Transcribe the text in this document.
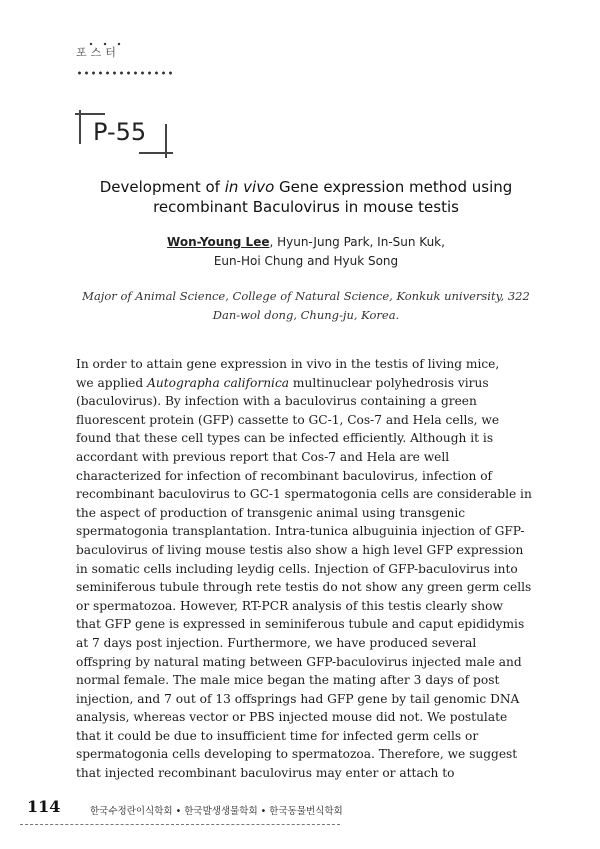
포스터
P-55
Development of in vivo Gene expression method using
recombinant Baculovirus in mouse testis
Won-Young Lee, Hyun-Jung Park, In-Sun Kuk,
Eun-Hoi Chung and Hyuk Song
Major of Animal Science, College of Natural Science, Konkuk university, 322
Dan-wol dong, Chung-ju, Korea.
In order to attain gene expression in vivo in the testis of living mice,
we applied Autographa californica multinuclear polyhedrosis virus
(baculovirus). By infection with a baculovirus containing a green
fluorescent protein (GFP) cassette to GC-1, Cos-7 and Hela cells, we
found that these cell types can be infected efficiently. Although it is
accordant with previous report that Cos-7 and Hela are well
characterized for infection of recombinant baculovirus, infection of
recombinant baculovirus to GC-1 spermatogonia cells are considerable in
the aspect of production of transgenic animal using transgenic
spermatogonia transplantation. Intra-tunica albuguinia injection of GFP-
baculovirus of living mouse testis also show a high level GFP expression
in somatic cells including leydig cells. Injection of GFP-baculovirus into
seminiferous tubule through rete testis do not show any green germ cells
or spermatozoa. However, RT-PCR analysis of this testis clearly show
that GFP gene is expressed in seminiferous tubule and caput epididymis
at 7 days post injection. Furthermore, we have produced several
offspring by natural mating between GFP-baculovirus injected male and
normal female. The male mice began the mating after 3 days of post
injection, and 7 out of 13 offsprings had GFP gene by tail genomic DNA
analysis, whereas vector or PBS injected mouse did not. We postulate
that it could be due to insufficient time for infected germ cells or
spermatogonia cells developing to spermatozoa. Therefore, we suggest
that injected recombinant baculovirus may enter or attach to
114	한국수정란이식학회 • 한국발생생물학회 • 한국동물번식학회
